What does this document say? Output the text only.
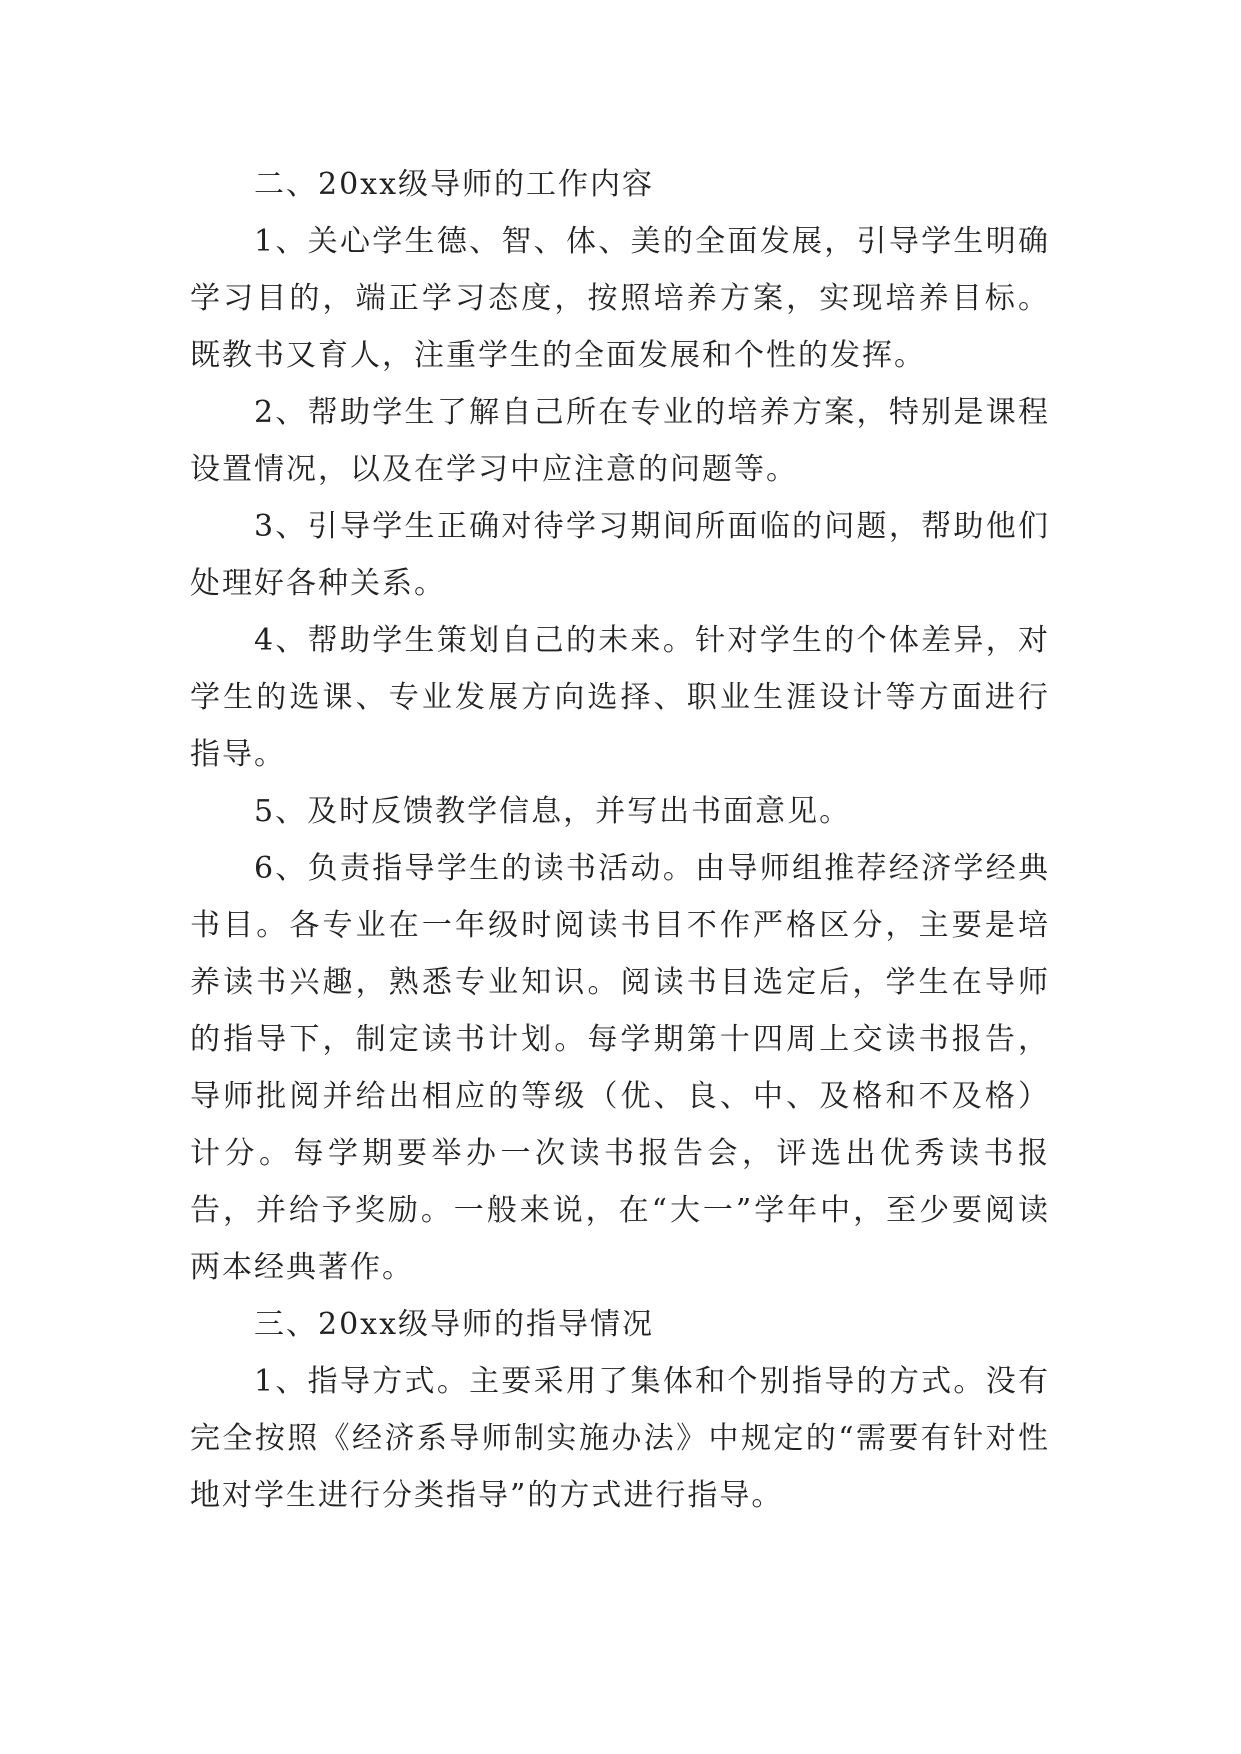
二、20xx级导师的工作内容

1、关心学生德、智、体、美的全面发展，引导学生明确学习目的，端正学习态度，按照培养方案，实现培养目标。既教书又育人，注重学生的全面发展和个性的发挥。

2、帮助学生了解自己所在专业的培养方案，特别是课程设置情况，以及在学习中应注意的问题等。

3、引导学生正确对待学习期间所面临的问题，帮助他们处理好各种关系。

4、帮助学生策划自己的未来。针对学生的个体差异，对学生的选课、专业发展方向选择、职业生涯设计等方面进行指导。

5、及时反馈教学信息，并写出书面意见。

6、负责指导学生的读书活动。由导师组推荐经济学经典书目。各专业在一年级时阅读书目不作严格区分，主要是培养读书兴趣，熟悉专业知识。阅读书目选定后，学生在导师的指导下，制定读书计划。每学期第十四周上交读书报告，导师批阅并给出相应的等级（优、良、中、及格和不及格）计分。每学期要举办一次读书报告会，评选出优秀读书报告，并给予奖励。一般来说，在“大一”学年中，至少要阅读两本经典著作。

三、20xx级导师的指导情况

1、指导方式。主要采用了集体和个别指导的方式。没有完全按照《经济系导师制实施办法》中规定的“需要有针对性地对学生进行分类指导”的方式进行指导。
